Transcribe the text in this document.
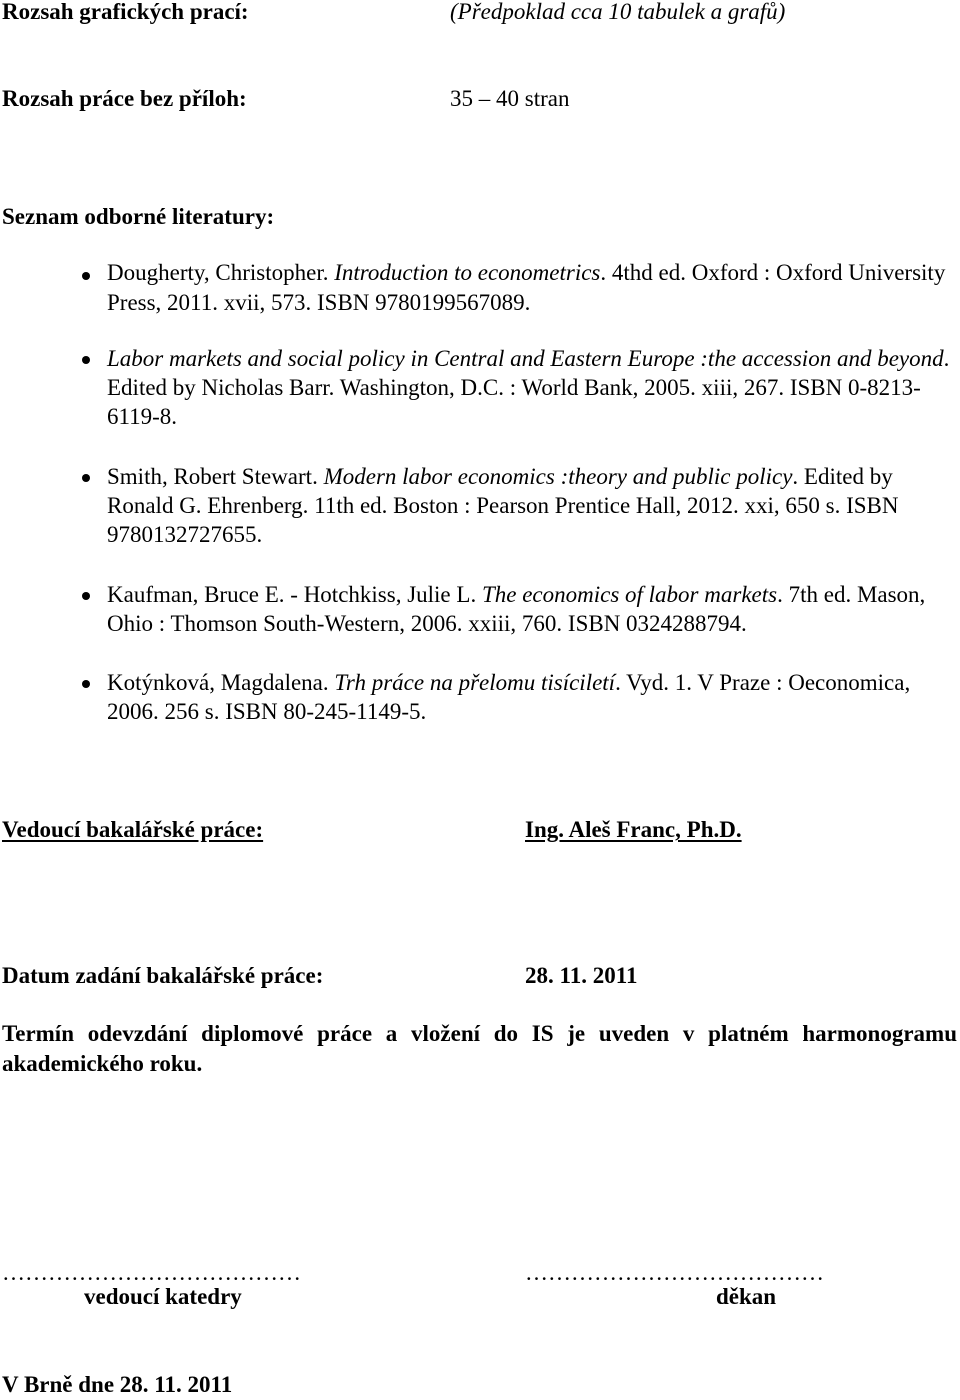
Rozsah grafických prací:	(Předpoklad cca 10 tabulek a grafů)
Rozsah práce bez příloh:	35 – 40 stran
Seznam odborné literatury:
Dougherty, Christopher. Introduction to econometrics. 4thd ed. Oxford : Oxford University Press, 2011. xvii, 573. ISBN 9780199567089.
Labor markets and social policy in Central and Eastern Europe :the accession and beyond. Edited by Nicholas Barr. Washington, D.C. : World Bank, 2005. xiii, 267. ISBN 0-8213-6119-8.
Smith, Robert Stewart. Modern labor economics :theory and public policy. Edited by Ronald G. Ehrenberg. 11th ed. Boston : Pearson Prentice Hall, 2012. xxi, 650 s. ISBN 9780132727655.
Kaufman, Bruce E. - Hotchkiss, Julie L. The economics of labor markets. 7th ed. Mason, Ohio : Thomson South-Western, 2006. xxiii, 760. ISBN 0324288794.
Kotýnková, Magdalena. Trh práce na přelomu tisíciletí. Vyd. 1. V Praze : Oeconomica, 2006. 256 s. ISBN 80-245-1149-5.
Vedoucí bakalářské práce:	Ing. Aleš Franc, Ph.D.
Datum zadání bakalářské práce:	28. 11. 2011
Termín odevzdání diplomové práce a vložení do IS je uveden v platném harmonogramu akademického roku.
…………………………………	…………………………………
vedoucí katedry	děkan
V Brně dne 28. 11. 2011
